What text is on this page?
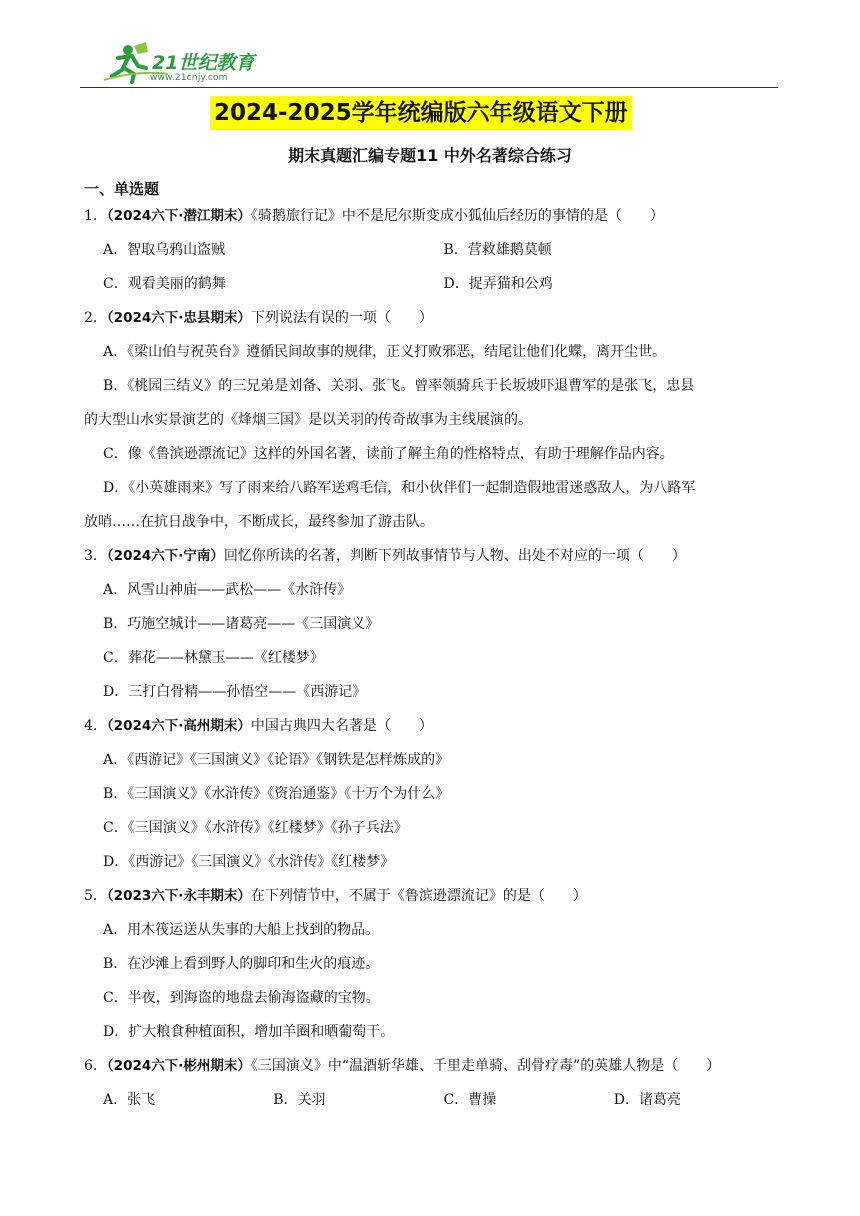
21世纪教育
www.21cnjy.com
2024-2025学年统编版六年级语文下册
期末真题汇编专题11 中外名著综合练习
一、单选题

1．（2024六下·潜江期末）《骑鹅旅行记》中不是尼尔斯变成小狐仙后经历的事情的是（　　）

A．智取乌鸦山盗贼	B．营救雄鹅莫顿
C．观看美丽的鹤舞	D．捉弄猫和公鸡

2．（2024六下·忠县期末）下列说法有误的一项（　　）

A．《梁山伯与祝英台》遵循民间故事的规律，正义打败邪恶，结尾让他们化蝶，离开尘世。

B．《桃园三结义》的三兄弟是刘备、关羽、张飞。曾率领骑兵于长坂坡吓退曹军的是张飞，忠县

的大型山水实景演艺的《烽烟三国》是以关羽的传奇故事为主线展演的。

C．像《鲁滨逊漂流记》这样的外国名著，读前了解主角的性格特点，有助于理解作品内容。

D．《小英雄雨来》写了雨来给八路军送鸡毛信，和小伙伴们一起制造假地雷迷惑敌人，为八路军

放哨……在抗日战争中，不断成长，最终参加了游击队。

3．（2024六下·宁南）回忆你所读的名著，判断下列故事情节与人物、出处不对应的一项（　　）

A．风雪山神庙——武松——《水浒传》

B．巧施空城计——诸葛亮——《三国演义》

C．葬花——林黛玉——《红楼梦》

D．三打白骨精——孙悟空——《西游记》

4．（2024六下·高州期末）中国古典四大名著是（　　）

A．《西游记》《三国演义》《论语》《钢铁是怎样炼成的》

B．《三国演义》《水浒传》《资治通鉴》《十万个为什么》

C．《三国演义》《水浒传》《红楼梦》《孙子兵法》

D．《西游记》《三国演义》《水浒传》《红楼梦》

5．（2023六下·永丰期末）在下列情节中，不属于《鲁滨逊漂流记》的是（　　）

A．用木筏运送从失事的大船上找到的物品。

B．在沙滩上看到野人的脚印和生火的痕迹。

C．半夜，到海盗的地盘去偷海盗藏的宝物。

D．扩大粮食种植面积，增加羊圈和晒葡萄干。

6．（2024六下·彬州期末）《三国演义》中“温酒斩华雄、千里走单骑、刮骨疗毒”的英雄人物是（　　）

A．张飞	B．关羽	C．曹操	D．诸葛亮
